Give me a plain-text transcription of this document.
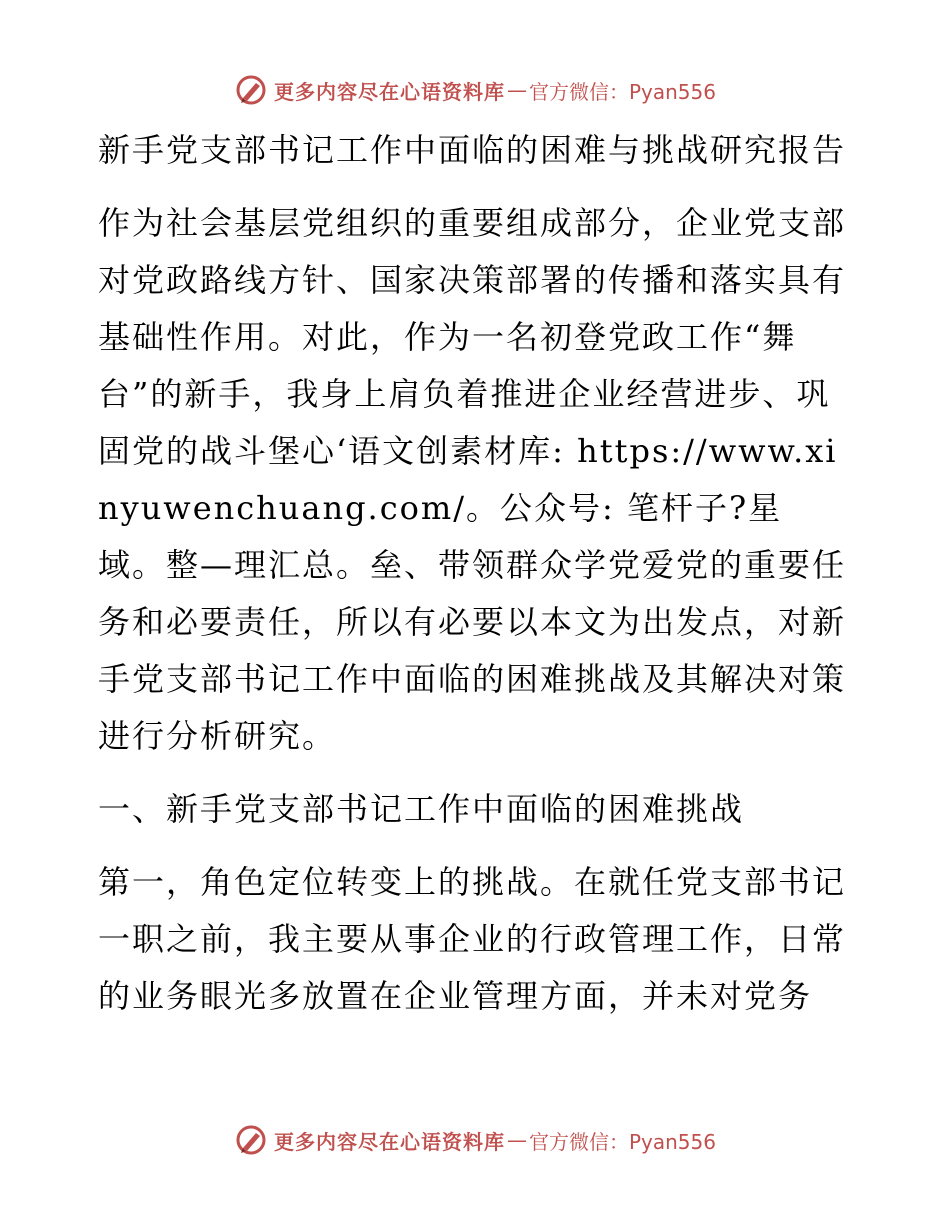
更多内容尽在心语资料库 — 官方微信：Pyan556

新手党支部书记工作中面临的困难与挑战研究报告

作为社会基层党组织的重要组成部分，企业党支部对党政路线方针、国家决策部署的传播和落实具有基础性作用。对此，作为一名初登党政工作“舞台”的新手，我身上肩负着推进企业经营进步、巩固党的战斗堡心‘语文创素材库: https://www.xinyuwenchuang.com/。公众号: 笔杆子?星域。整—理汇总。垒、带领群众学党爱党的重要任务和必要责任，所以有必要以本文为出发点，对新手党支部书记工作中面临的困难挑战及其解决对策进行分析研究。

一、新手党支部书记工作中面临的困难挑战

第一，角色定位转变上的挑战。在就任党支部书记一职之前，我主要从事企业的行政管理工作，日常的业务眼光多放置在企业管理方面，并未对党务

更多内容尽在心语资料库 — 官方微信：Pyan556
